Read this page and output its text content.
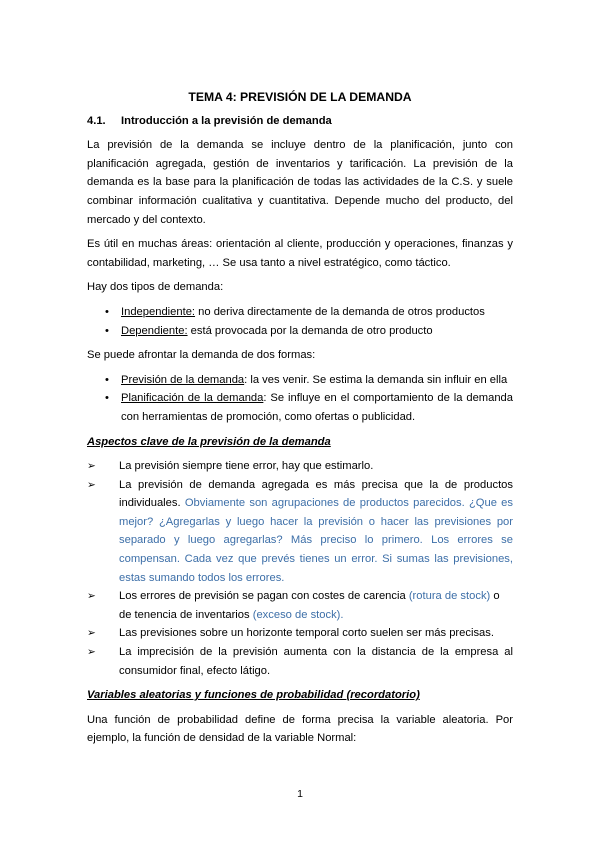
TEMA 4: PREVISIÓN DE LA DEMANDA
4.1. Introducción a la previsión de demanda

La previsión de la demanda se incluye dentro de la planificación, junto con planificación agregada, gestión de inventarios y tarificación. La previsión de la demanda es la base para la planificación de todas las actividades de la C.S. y suele combinar información cualitativa y cuantitativa. Depende mucho del producto, del mercado y del contexto.

Es útil en muchas áreas: orientación al cliente, producción y operaciones, finanzas y contabilidad, marketing, … Se usa tanto a nivel estratégico, como táctico.

Hay dos tipos de demanda:

• Independiente: no deriva directamente de la demanda de otros productos
• Dependiente: está provocada por la demanda de otro producto

Se puede afrontar la demanda de dos formas:

• Previsión de la demanda: la ves venir. Se estima la demanda sin influir en ella
• Planificación de la demanda: Se influye en el comportamiento de la demanda con herramientas de promoción, como ofertas o publicidad.
Aspectos clave de la previsión de la demanda
➢ La previsión siempre tiene error, hay que estimarlo.
➢ La previsión de demanda agregada es más precisa que la de productos individuales. Obviamente son agrupaciones de productos parecidos. ¿Que es mejor? ¿Agregarlas y luego hacer la previsión o hacer las previsiones por separado y luego agregarlas? Más preciso lo primero. Los errores se compensan. Cada vez que prevés tienes un error. Si sumas las previsiones, estas sumando todos los errores.
➢ Los errores de previsión se pagan con costes de carencia (rotura de stock) o de tenencia de inventarios (exceso de stock).
➢ Las previsiones sobre un horizonte temporal corto suelen ser más precisas.
➢ La imprecisión de la previsión aumenta con la distancia de la empresa al consumidor final, efecto látigo.
Variables aleatorias y funciones de probabilidad (recordatorio)

Una función de probabilidad define de forma precisa la variable aleatoria. Por ejemplo, la función de densidad de la variable Normal:

1
